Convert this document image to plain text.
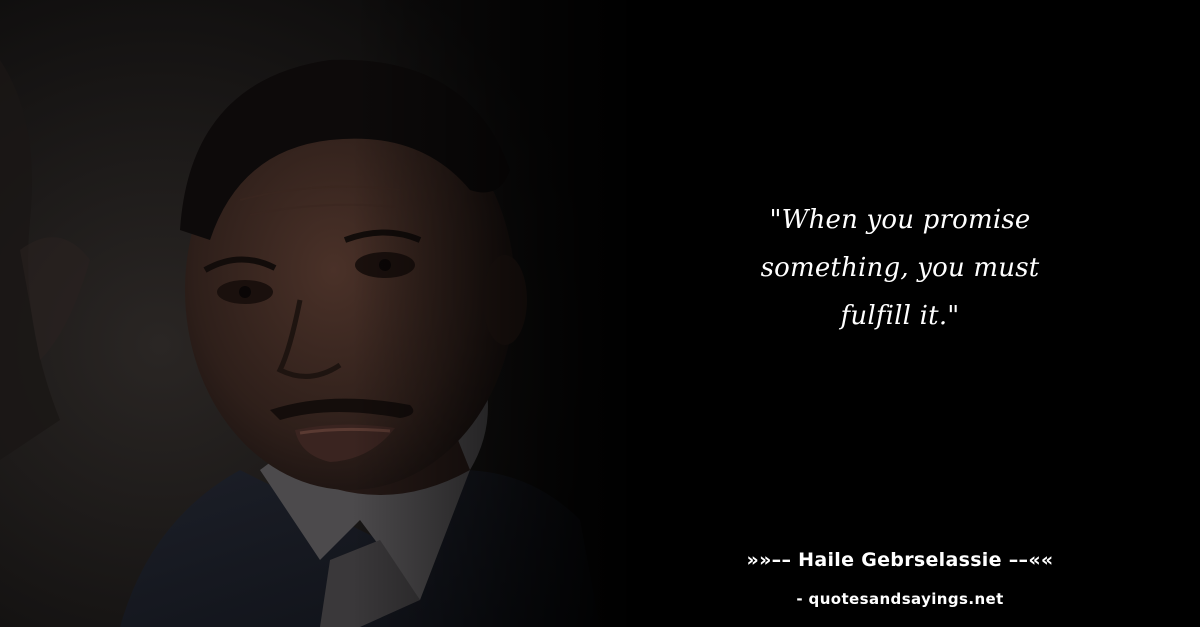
"When you promise
something, you must
fulfill it."
»»–– Haile Gebrselassie ––««
- quotesandsayings.net
